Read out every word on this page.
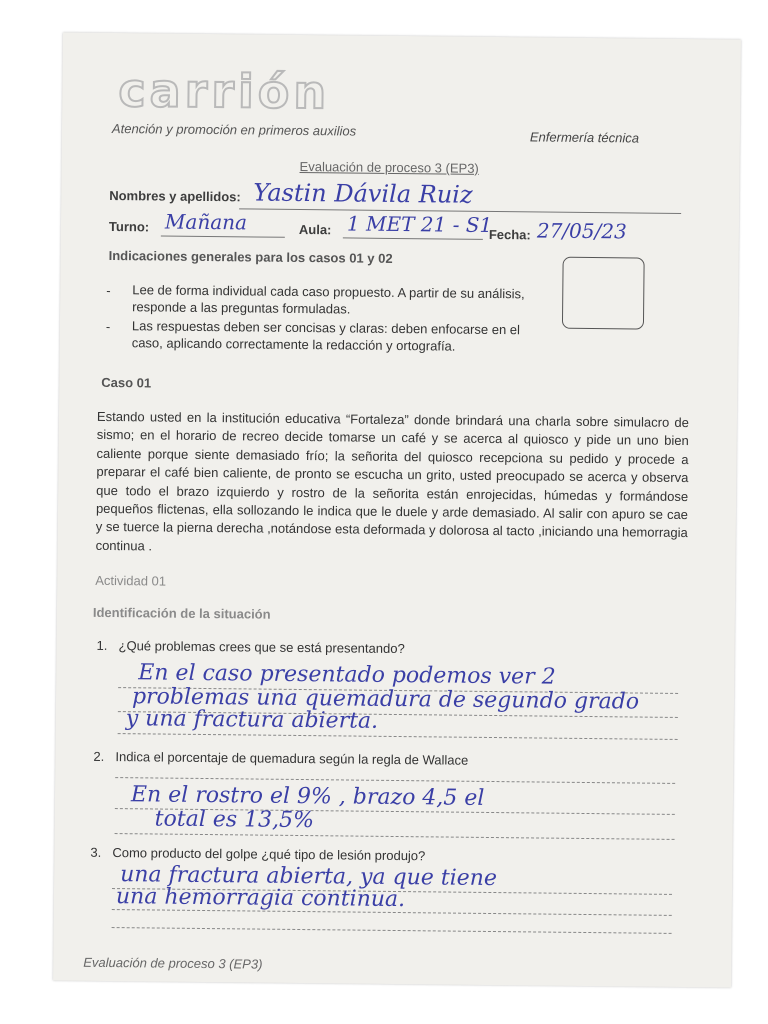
carrión
Atención y promoción en primeros auxilios	Enfermería técnica
Evaluación de proceso 3 (EP3)
Nombres y apellidos: Yastin Dávila Ruiz
Turno: Mañana	Aula: 1 MET 21 - S1
Fecha: 27/05/23
Indicaciones generales para los casos 01 y 02
- Lee de forma individual cada caso propuesto. A partir de su análisis, responde a las preguntas formuladas.
- Las respuestas deben ser concisas y claras: deben enfocarse en el caso, aplicando correctamente la redacción y ortografía.
Caso 01
Estando usted en la institución educativa “Fortaleza” donde brindará una charla sobre simulacro de sismo; en el horario de recreo decide tomarse un café y se acerca al quiosco y pide un uno bien caliente porque siente demasiado frío; la señorita del quiosco recepciona su pedido y procede a preparar el café bien caliente, de pronto se escucha un grito, usted preocupado se acerca y observa que todo el brazo izquierdo y rostro de la señorita están enrojecidas, húmedas y formándose pequeños flictenas, ella sollozando le indica que le duele y arde demasiado. Al salir con apuro se cae y se tuerce la pierna derecha ,notándose esta deformada y dolorosa al tacto ,iniciando una hemorragia continua .
Actividad 01
Identificación de la situación
1. ¿Qué problemas crees que se está presentando?
En el caso presentado podemos ver 2
problemas una quemadura de segundo grado
y una fractura abierta.
2. Indica el porcentaje de quemadura según la regla de Wallace
En el rostro el 9% , brazo 4,5 el
total es 13,5%
3. Como producto del golpe ¿qué tipo de lesión produjo?
una fractura abierta, ya que tiene
una hemorragia continua.
Evaluación de proceso 3 (EP3)
